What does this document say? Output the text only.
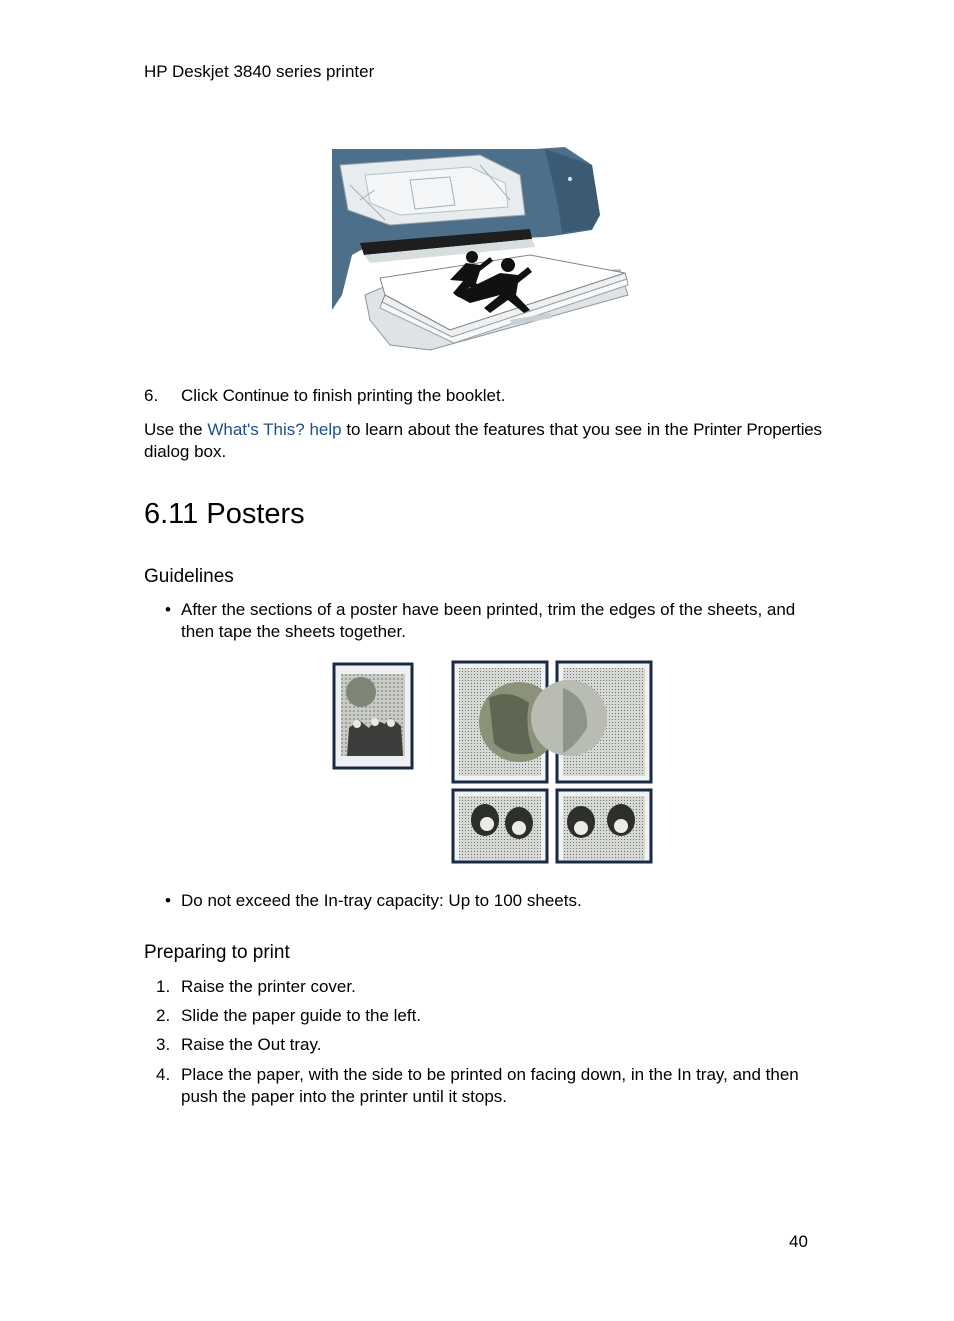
HP Deskjet 3840 series printer
6. Click Continue to finish printing the booklet.
Use the What's This? help to learn about the features that you see in the Printer Properties dialog box.
6.11 Posters
Guidelines
• After the sections of a poster have been printed, trim the edges of the sheets, and then tape the sheets together.
• Do not exceed the In-tray capacity: Up to 100 sheets.
Preparing to print
1. Raise the printer cover.
2. Slide the paper guide to the left.
3. Raise the Out tray.
4. Place the paper, with the side to be printed on facing down, in the In tray, and then push the paper into the printer until it stops.
40
